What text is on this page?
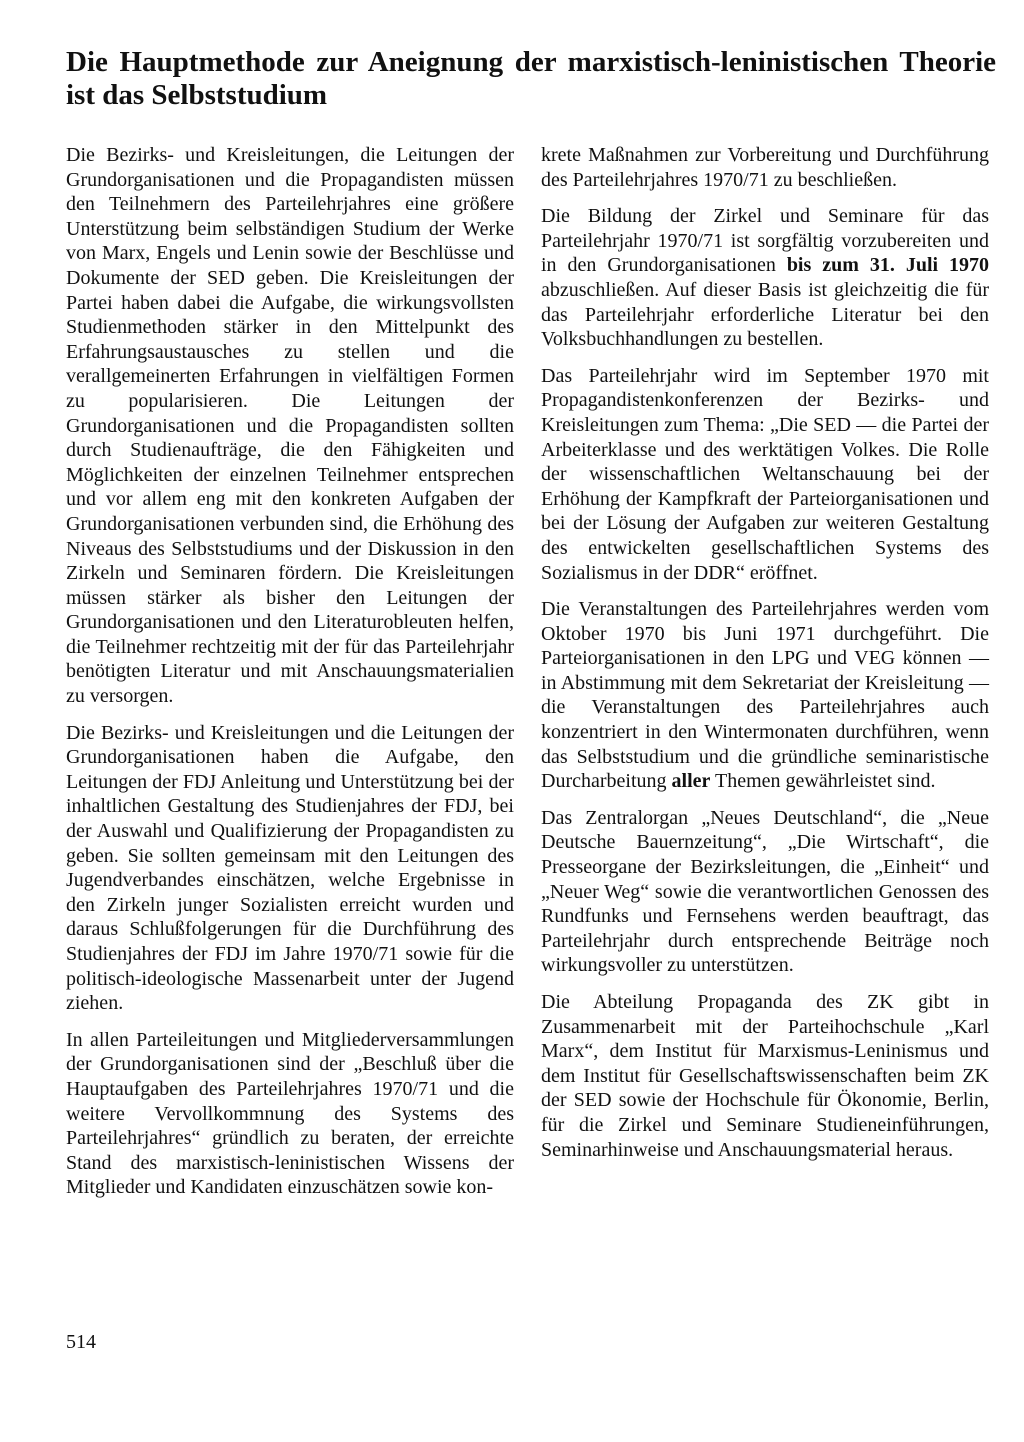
Die Hauptmethode zur Aneignung der marxistisch-leninistischen Theorie ist das Selbststudium

Die Bezirks- und Kreisleitungen, die Leitungen der Grundorganisationen und die Propagandisten müssen den Teilnehmern des Parteilehrjahres eine größere Unterstützung beim selbständigen Studium der Werke von Marx, Engels und Lenin sowie der Beschlüsse und Dokumente der SED geben. Die Kreisleitungen der Partei haben dabei die Aufgabe, die wirkungsvollsten Studienmethoden stärker in den Mittelpunkt des Erfahrungsaustausches zu stellen und die verallgemeinerten Erfahrungen in vielfältigen Formen zu popularisieren. Die Leitungen der Grundorganisationen und die Propagandisten sollten durch Studienaufträge, die den Fähigkeiten und Möglichkeiten der einzelnen Teilnehmer entsprechen und vor allem eng mit den konkreten Aufgaben der Grundorganisationen verbunden sind, die Erhöhung des Niveaus des Selbststudiums und der Diskussion in den Zirkeln und Seminaren fördern. Die Kreisleitungen müssen stärker als bisher den Leitungen der Grundorganisationen und den Literaturobleuten helfen, die Teilnehmer rechtzeitig mit der für das Parteilehrjahr benötigten Literatur und mit Anschauungsmaterialien zu versorgen.

Die Bezirks- und Kreisleitungen und die Leitungen der Grundorganisationen haben die Aufgabe, den Leitungen der FDJ Anleitung und Unterstützung bei der inhaltlichen Gestaltung des Studienjahres der FDJ, bei der Auswahl und Qualifizierung der Propagandisten zu geben. Sie sollten gemeinsam mit den Leitungen des Jugendverbandes einschätzen, welche Ergebnisse in den Zirkeln junger Sozialisten erreicht wurden und daraus Schlußfolgerungen für die Durchführung des Studienjahres der FDJ im Jahre 1970/71 sowie für die politisch-ideologische Massenarbeit unter der Jugend ziehen.

In allen Parteileitungen und Mitgliederversammlungen der Grundorganisationen sind der „Beschluß über die Hauptaufgaben des Parteilehrjahres 1970/71 und die weitere Vervollkommnung des Systems des Parteilehrjahres“ gründlich zu beraten, der erreichte Stand des marxistisch-leninistischen Wissens der Mitglieder und Kandidaten einzuschätzen sowie kon-

krete Maßnahmen zur Vorbereitung und Durchführung des Parteilehrjahres 1970/71 zu beschließen.

Die Bildung der Zirkel und Seminare für das Parteilehrjahr 1970/71 ist sorgfältig vorzubereiten und in den Grundorganisationen bis zum 31. Juli 1970 abzuschließen. Auf dieser Basis ist gleichzeitig die für das Parteilehrjahr erforderliche Literatur bei den Volksbuchhandlungen zu bestellen.

Das Parteilehrjahr wird im September 1970 mit Propagandistenkonferenzen der Bezirks- und Kreisleitungen zum Thema: „Die SED — die Partei der Arbeiterklasse und des werktätigen Volkes. Die Rolle der wissenschaftlichen Weltanschauung bei der Erhöhung der Kampfkraft der Parteiorganisationen und bei der Lösung der Aufgaben zur weiteren Gestaltung des entwickelten gesellschaftlichen Systems des Sozialismus in der DDR“ eröffnet.

Die Veranstaltungen des Parteilehrjahres werden vom Oktober 1970 bis Juni 1971 durchgeführt. Die Parteiorganisationen in den LPG und VEG können — in Abstimmung mit dem Sekretariat der Kreisleitung — die Veranstaltungen des Parteilehrjahres auch konzentriert in den Wintermonaten durchführen, wenn das Selbststudium und die gründliche seminaristische Durcharbeitung aller Themen gewährleistet sind.

Das Zentralorgan „Neues Deutschland“, die „Neue Deutsche Bauernzeitung“, „Die Wirtschaft“, die Presseorgane der Bezirksleitungen, die „Einheit“ und „Neuer Weg“ sowie die verantwortlichen Genossen des Rundfunks und Fernsehens werden beauftragt, das Parteilehrjahr durch entsprechende Beiträge noch wirkungsvoller zu unterstützen.

Die Abteilung Propaganda des ZK gibt in Zusammenarbeit mit der Parteihochschule „Karl Marx“, dem Institut für Marxismus-Leninismus und dem Institut für Gesellschaftswissenschaften beim ZK der SED sowie der Hochschule für Ökonomie, Berlin, für die Zirkel und Seminare Studieneinführungen, Seminarhinweise und Anschauungsmaterial heraus.

514
